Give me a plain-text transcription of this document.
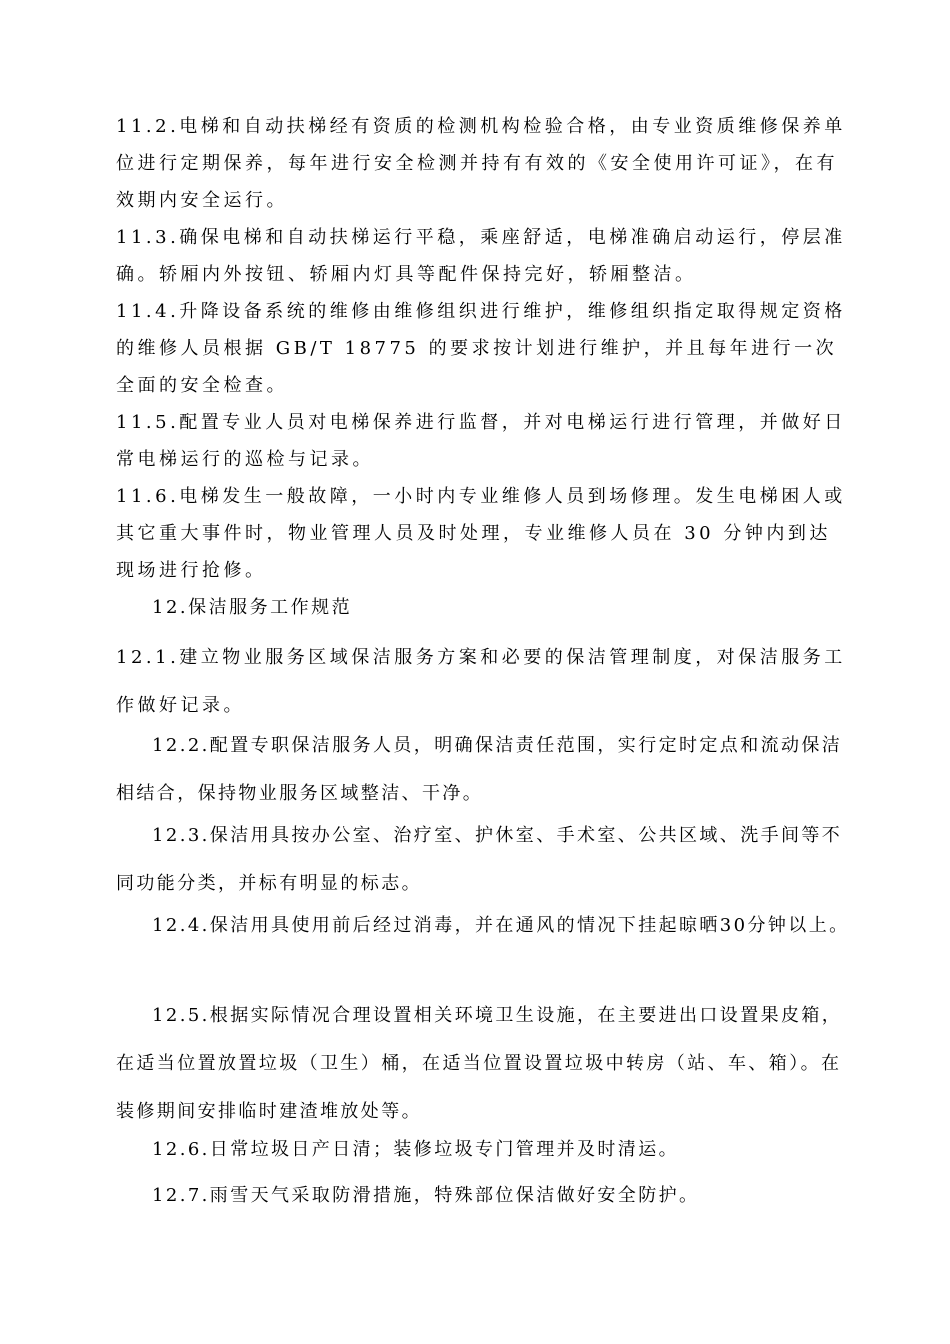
11.2.电梯和自动扶梯经有资质的检测机构检验合格，由专业资质维修保养单位进行定期保养，每年进行安全检测并持有有效的《安全使用许可证》，在有效期内安全运行。
11.3.确保电梯和自动扶梯运行平稳，乘座舒适，电梯准确启动运行，停层准确。轿厢内外按钮、轿厢内灯具等配件保持完好，轿厢整洁。
11.4.升降设备系统的维修由维修组织进行维护，维修组织指定取得规定资格的维修人员根据 GB/T 18775 的要求按计划进行维护，并且每年进行一次全面的安全检查。
11.5.配置专业人员对电梯保养进行监督，并对电梯运行进行管理，并做好日常电梯运行的巡检与记录。
11.6.电梯发生一般故障，一小时内专业维修人员到场修理。发生电梯困人或其它重大事件时，物业管理人员及时处理，专业维修人员在 30 分钟内到达现场进行抢修。
12.保洁服务工作规范
12.1.建立物业服务区域保洁服务方案和必要的保洁管理制度，对保洁服务工作做好记录。
12.2.配置专职保洁服务人员，明确保洁责任范围，实行定时定点和流动保洁相结合，保持物业服务区域整洁、干净。
12.3.保洁用具按办公室、治疗室、护休室、手术室、公共区域、洗手间等不同功能分类，并标有明显的标志。
12.4.保洁用具使用前后经过消毒，并在通风的情况下挂起晾晒30分钟以上。
12.5.根据实际情况合理设置相关环境卫生设施，在主要进出口设置果皮箱，在适当位置放置垃圾（卫生）桶，在适当位置设置垃圾中转房（站、车、箱）。在装修期间安排临时建渣堆放处等。
12.6.日常垃圾日产日清；装修垃圾专门管理并及时清运。
12.7.雨雪天气采取防滑措施，特殊部位保洁做好安全防护。
